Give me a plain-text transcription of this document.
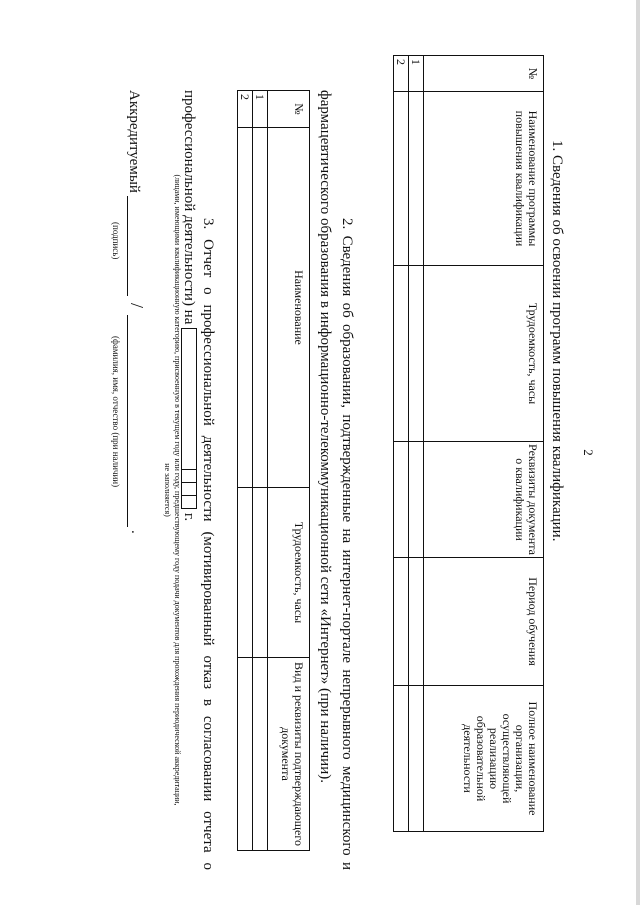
2
1. Сведения об освоении программ повышения квалификации.
№	Наименование программы повышения квалификации	Трудоемкость, часы	Реквизиты документа о квалификации	Период обучения	Полное наименование организации, осуществляющей реализацию образовательной деятельности
1					
2					
2. Сведения об образовании, подтвержденные на интернет-портале непрерывного медицинского и фармацевтического образования в информационно-телекоммуникационной сети «Интернет» (при наличии).
№	Наименование	Трудоемкость, часы	Вид и реквизиты подтверждающего документа
1			
2			
3. Отчет о профессиональной деятельности (мотивированный отказ в согласовании отчета о профессиональной деятельности) на  г.
(лицами, имеющими квалификационную категорию, присвоенную в текущем году или году, предшествующему году подачи документов для прохождения периодической аккредитации, не заполняется)
Аккредитуемый
/
.
(подпись)
(фамилия, имя, отчество (при наличии)
